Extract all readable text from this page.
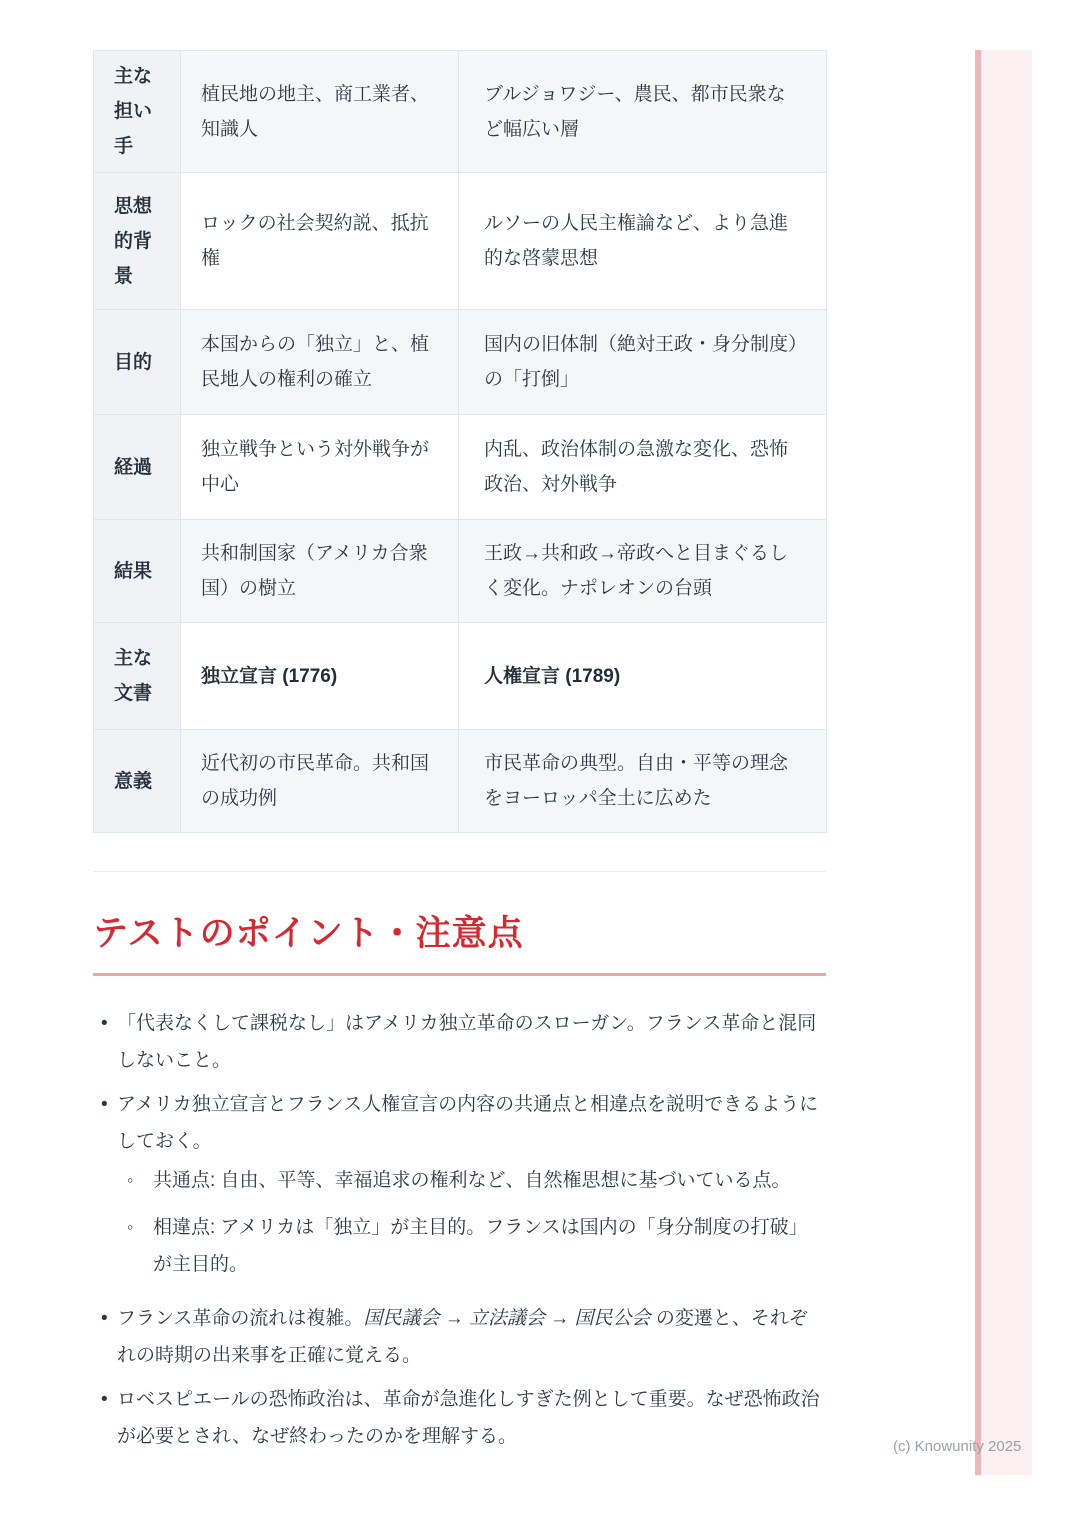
主な担い手	植民地の地主、商工業者、知識人	ブルジョワジー、農民、都市民衆など幅広い層
思想的背景	ロックの社会契約説、抵抗権	ルソーの人民主権論など、より急進的な啓蒙思想
目的	本国からの「独立」と、植民地人の権利の確立	国内の旧体制（絶対王政・身分制度）の「打倒」
経過	独立戦争という対外戦争が中心	内乱、政治体制の急激な変化、恐怖政治、対外戦争
結果	共和制国家（アメリカ合衆国）の樹立	王政→共和政→帝政へと目まぐるしく変化。ナポレオンの台頭
主な文書	独立宣言 (1776)	人権宣言 (1789)
意義	近代初の市民革命。共和国の成功例	市民革命の典型。自由・平等の理念をヨーロッパ全土に広めた
テストのポイント・注意点
• 「代表なくして課税なし」はアメリカ独立革命のスローガン。フランス革命と混同しないこと。
• アメリカ独立宣言とフランス人権宣言の内容の共通点と相違点を説明できるようにしておく。
◦	共通点: 自由、平等、幸福追求の権利など、自然権思想に基づいている点。
◦	相違点: アメリカは「独立」が主目的。フランスは国内の「身分制度の打破」が主目的。
• フランス革命の流れは複雑。国民議会 → 立法議会 → 国民公会 の変遷と、それぞれの時期の出来事を正確に覚える。
• ロベスピエールの恐怖政治は、革命が急進化しすぎた例として重要。なぜ恐怖政治が必要とされ、なぜ終わったのかを理解する。	(c) Knowunity 2025
